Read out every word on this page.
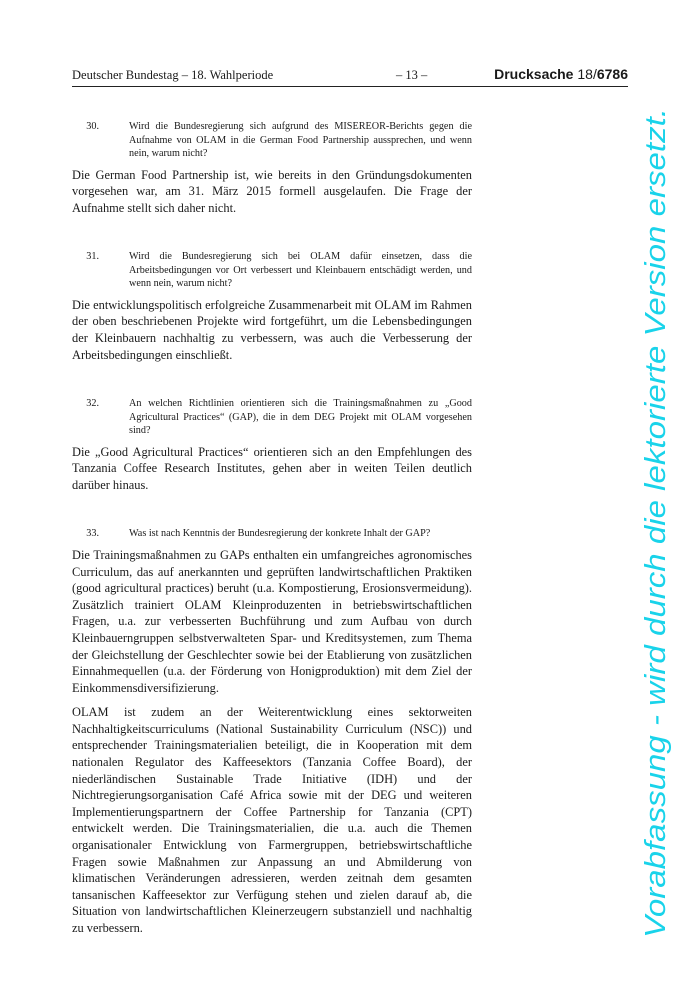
Deutscher Bundestag – 18. Wahlperiode	– 13 –	Drucksache 18/6786
30.	Wird die Bundesregierung sich aufgrund des MISEREOR-Berichts gegen die Aufnahme von OLAM in die German Food Partnership aussprechen, und wenn nein, warum nicht?

Die German Food Partnership ist, wie bereits in den Gründungsdokumenten vorgesehen war, am 31. März 2015 formell ausgelaufen. Die Frage der Aufnahme stellt sich daher nicht.

31.	Wird die Bundesregierung sich bei OLAM dafür einsetzen, dass die Arbeitsbedingungen vor Ort verbessert und Kleinbauern entschädigt werden, und wenn nein, warum nicht?

Die entwicklungspolitisch erfolgreiche Zusammenarbeit mit OLAM im Rahmen der oben beschriebenen Projekte wird fortgeführt, um die Lebensbedingungen der Kleinbauern nachhaltig zu verbessern, was auch die Verbesserung der Arbeitsbedingungen einschließt.

32.	An welchen Richtlinien orientieren sich die Trainingsmaßnahmen zu „Good Agricultural Practices“ (GAP), die in dem DEG Projekt mit OLAM vorgesehen sind?

Die „Good Agricultural Practices“ orientieren sich an den Empfehlungen des Tanzania Coffee Research Institutes, gehen aber in weiten Teilen deutlich darüber hinaus.

33.	Was ist nach Kenntnis der Bundesregierung der konkrete Inhalt der GAP?

Die Trainingsmaßnahmen zu GAPs enthalten ein umfangreiches agronomisches Curriculum, das auf anerkannten und geprüften landwirtschaftlichen Praktiken (good agricultural practices) beruht (u.a. Kompostierung, Erosionsvermeidung). Zusätzlich trainiert OLAM Kleinproduzenten in betriebswirtschaftlichen Fragen, u.a. zur verbesserten Buchführung und zum Aufbau von durch Kleinbauerngruppen selbstverwalteten Spar- und Kreditsystemen, zum Thema der Gleichstellung der Geschlechter sowie bei der Etablierung von zusätzlichen Einnahmequellen (u.a. der Förderung von Honigproduktion) mit dem Ziel der Einkommensdiversifizierung.

OLAM ist zudem an der Weiterentwicklung eines sektorweiten Nachhaltigkeitscurriculums (National Sustainability Curriculum (NSC)) und entsprechender Trainingsmaterialien beteiligt, die in Kooperation mit dem nationalen Regulator des Kaffeesektors (Tanzania Coffee Board), der niederländischen Sustainable Trade Initiative (IDH) und der Nichtregierungsorganisation Café Africa sowie mit der DEG und weiteren Implementierungspartnern der Coffee Partnership for Tanzania (CPT) entwickelt werden. Die Trainingsmaterialien, die u.a. auch die Themen organisationaler Entwicklung von Farmergruppen, betriebswirtschaftliche Fragen sowie Maßnahmen zur Anpassung an und Abmilderung von klimatischen Veränderungen adressieren, werden zeitnah dem gesamten tansanischen Kaffeesektor zur Verfügung stehen und zielen darauf ab, die Situation von landwirtschaftlichen Kleinerzeugern substanziell und nachhaltig zu verbessern.	Vorabfassung - wird durch die lektorierte Version ersetzt.
